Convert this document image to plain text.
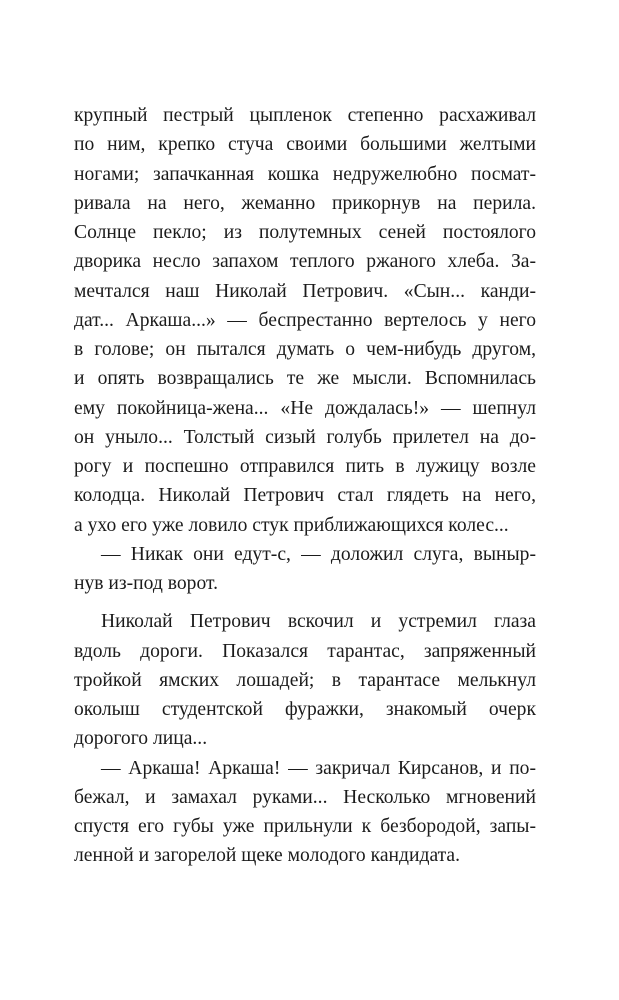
крупный пестрый цыпленок степенно расхаживал
по ним, крепко стуча своими большими желтыми
ногами; запачканная кошка недружелюбно посмат-
ривала на него, жеманно прикорнув на перила.
Солнце пекло; из полутемных сеней постоялого
дворика несло запахом теплого ржаного хлеба. За-
мечтался наш Николай Петрович. «Сын... канди-
дат... Аркаша...» — беспрестанно вертелось у него
в голове; он пытался думать о чем-нибудь другом,
и опять возвращались те же мысли. Вспомнилась
ему покойница-жена... «Не дождалась!» — шепнул
он уныло... Толстый сизый голубь прилетел на до-
рогу и поспешно отправился пить в лужицу возле
колодца. Николай Петрович стал глядеть на него,
а ухо его уже ловило стук приближающихся колес...
— Никак они едут-с, — доложил слуга, выныр-
нув из-под ворот.
Николай Петрович вскочил и устремил глаза
вдоль дороги. Показался тарантас, запряженный
тройкой ямских лошадей; в тарантасе мелькнул
околыш студентской фуражки, знакомый очерк
дорогого лица...
— Аркаша! Аркаша! — закричал Кирсанов, и по-
бежал, и замахал руками... Несколько мгновений
спустя его губы уже прильнули к безбородой, запы-
ленной и загорелой щеке молодого кандидата.
